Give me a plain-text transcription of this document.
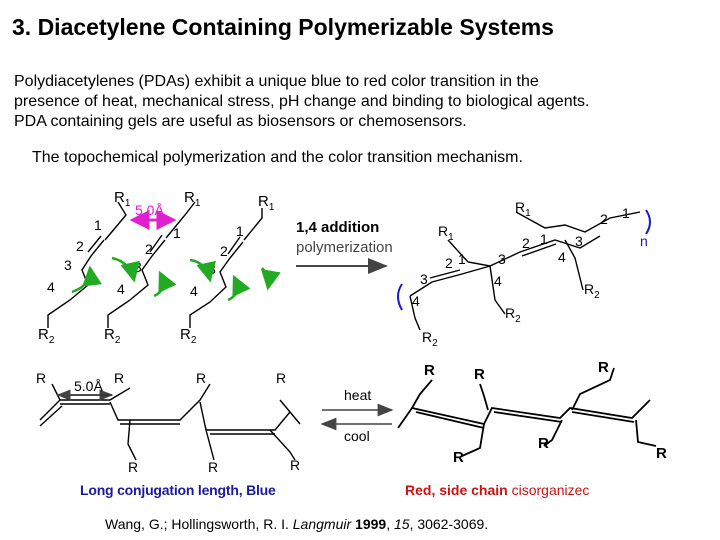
3. Diacetylene Containing Polymerizable Systems
Polydiacetylenes (PDAs) exhibit a unique blue to red color transition in the
presence of heat, mechanical stress, pH change and binding to biological agents.
PDA containing gels are useful as biosensors or chemosensors.
The topochemical polymerization and the color transition mechanism.
$R_1$	$R_1$	$R_1$
$R_2$	$R_2$	$R_2$
1
2
3
4
1
2
3
4
1
2
3
4
5.0Å
1,4 addition
polymerization
$R_1$
$R_1$
$R_2$
$R_2$
$R_2$
2 1
2 1 3
4
3
4
2 1
3
4
n
R	R	R	R
R	R	R
5.0Å
heat
cool
R	R	R
R
R
R
Long conjugation length, Blue	Red, side chain cisorganizec
Wang, G.; Hollingsworth, R. I. Langmuir 1999, 15, 3062-3069.
